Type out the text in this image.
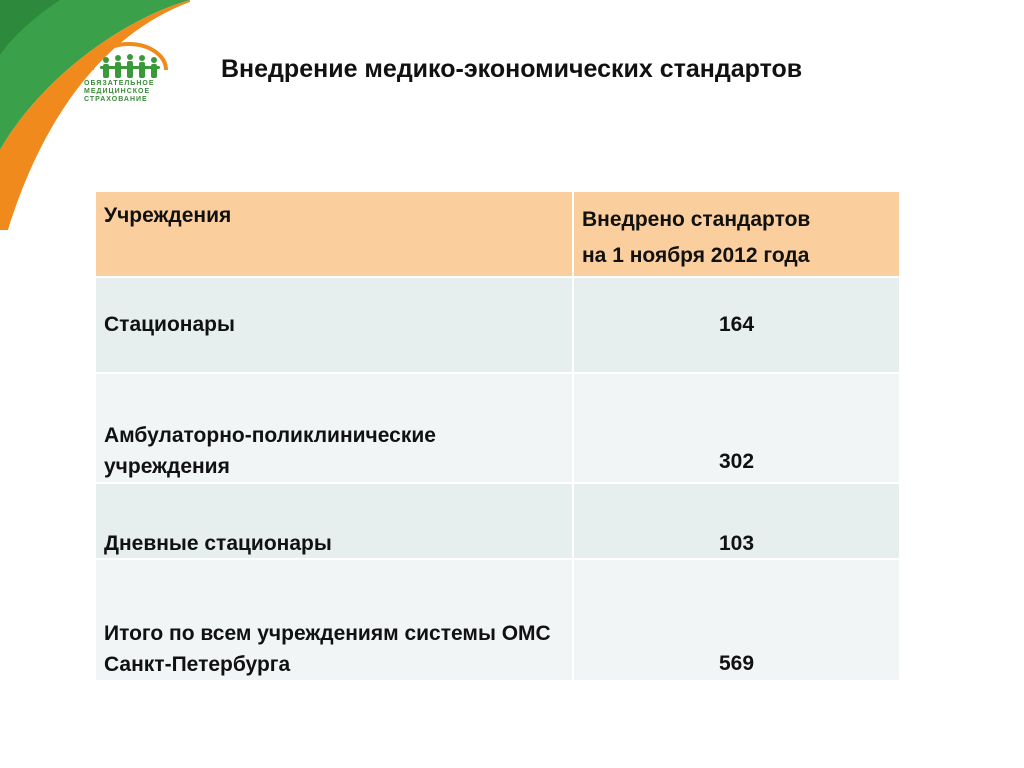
ОБЯЗАТЕЛЬНОЕ
МЕДИЦИНСКОЕ
СТРАХОВАНИЕ
Внедрение медико-экономических стандартов
Учреждения	Внедрено стандартов
на 1 ноября 2012 года

Стационары	164
Амбулаторно-поликлинические учреждения	302
Дневные стационары	103
Итого по всем учреждениям системы ОМС Санкт-Петербурга	569
